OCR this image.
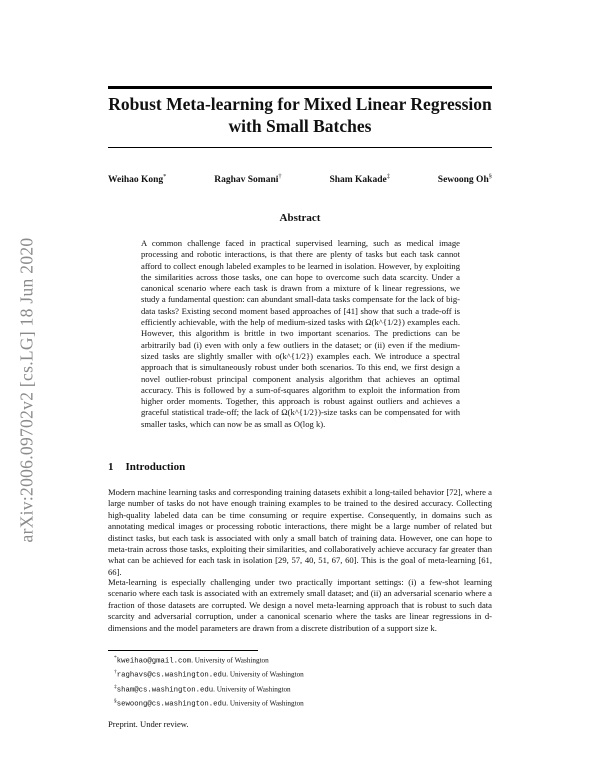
arXiv:2006.09702v2 [cs.LG] 18 Jun 2020
Robust Meta-learning for Mixed Linear Regression
with Small Batches
Weihao Kong*	Raghav Somani†	Sham Kakade‡	Sewoong Oh§
Abstract
A common challenge faced in practical supervised learning, such as medical image processing and robotic interactions, is that there are plenty of tasks but each task cannot afford to collect enough labeled examples to be learned in isolation. However, by exploiting the similarities across those tasks, one can hope to overcome such data scarcity. Under a canonical scenario where each task is drawn from a mixture of k linear regressions, we study a fundamental question: can abundant small-data tasks compensate for the lack of big-data tasks? Existing second moment based approaches of [41] show that such a trade-off is efficiently achievable, with the help of medium-sized tasks with Ω(k^{1/2}) examples each. However, this algorithm is brittle in two important scenarios. The predictions can be arbitrarily bad (i) even with only a few outliers in the dataset; or (ii) even if the medium-sized tasks are slightly smaller with o(k^{1/2}) examples each. We introduce a spectral approach that is simultaneously robust under both scenarios. To this end, we first design a novel outlier-robust principal component analysis algorithm that achieves an optimal accuracy. This is followed by a sum-of-squares algorithm to exploit the information from higher order moments. Together, this approach is robust against outliers and achieves a graceful statistical trade-off; the lack of Ω(k^{1/2})-size tasks can be compensated for with smaller tasks, which can now be as small as O(log k).
1 Introduction
Modern machine learning tasks and corresponding training datasets exhibit a long-tailed behavior [72], where a large number of tasks do not have enough training examples to be trained to the desired accuracy. Collecting high-quality labeled data can be time consuming or require expertise. Consequently, in domains such as annotating medical images or processing robotic interactions, there might be a large number of related but distinct tasks, but each task is associated with only a small batch of training data. However, one can hope to meta-train across those tasks, exploiting their similarities, and collaboratively achieve accuracy far greater than what can be achieved for each task in isolation [29, 57, 40, 51, 67, 60]. This is the goal of meta-learning [61, 66].
Meta-learning is especially challenging under two practically important settings: (i) a few-shot learning scenario where each task is associated with an extremely small dataset; and (ii) an adversarial scenario where a fraction of those datasets are corrupted. We design a novel meta-learning approach that is robust to such data scarcity and adversarial corruption, under a canonical scenario where the tasks are linear regressions in d-dimensions and the model parameters are drawn from a discrete distribution of a support size k.
*kweihao@gmail.com. University of Washington
†raghavs@cs.washington.edu. University of Washington
‡sham@cs.washington.edu. University of Washington
§sewoong@cs.washington.edu. University of Washington
Preprint. Under review.
